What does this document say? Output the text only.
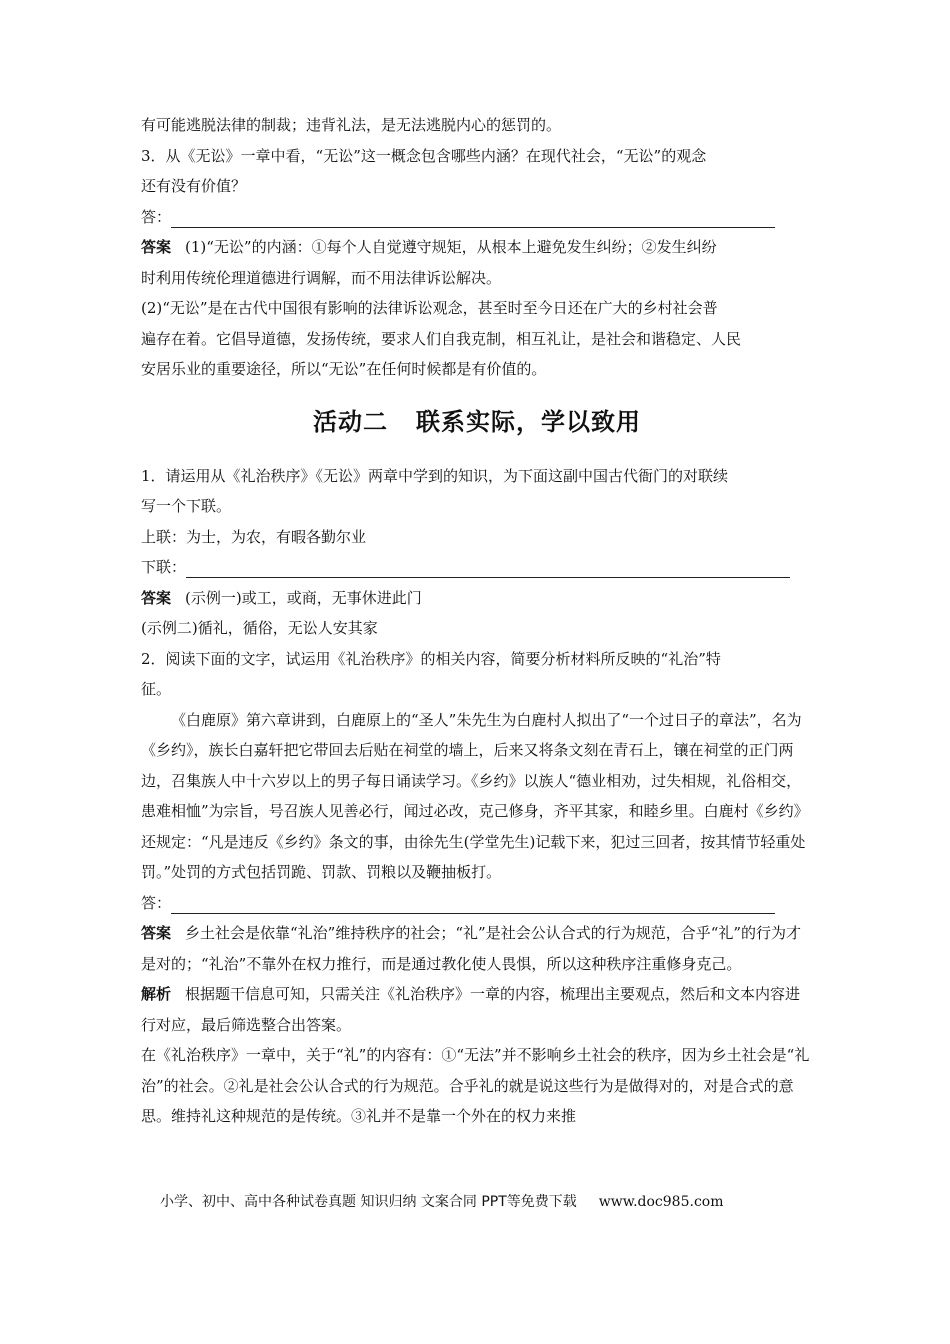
有可能逃脱法律的制裁；违背礼法，是无法逃脱内心的惩罚的。

3．从《无讼》一章中看，“无讼”这一概念包含哪些内涵？在现代社会，“无讼”的观念

还有没有价值？

答：

答案 (1)“无讼”的内涵：①每个人自觉遵守规矩，从根本上避免发生纠纷；②发生纠纷

时利用传统伦理道德进行调解，而不用法律诉讼解决。

(2)“无讼”是在古代中国很有影响的法律诉讼观念，甚至时至今日还在广大的乡村社会普

遍存在着。它倡导道德，发扬传统，要求人们自我克制，相互礼让，是社会和谐稳定、人民

安居乐业的重要途径，所以“无讼”在任何时候都是有价值的。

活动二 联系实际，学以致用

1．请运用从《礼治秩序》《无讼》两章中学到的知识，为下面这副中国古代衙门的对联续

写一个下联。

上联：为士，为农，有暇各勤尔业

下联：

答案 (示例一)或工，或商，无事休进此门

(示例二)循礼，循俗，无讼人安其家

2．阅读下面的文字，试运用《礼治秩序》的相关内容，简要分析材料所反映的“礼治”特

征。

《白鹿原》第六章讲到，白鹿原上的“圣人”朱先生为白鹿村人拟出了“一个过日子的章法”，名为《乡约》，族长白嘉轩把它带回去后贴在祠堂的墙上，后来又将条文刻在青石上，镶在祠堂的正门两边，召集族人中十六岁以上的男子每日诵读学习。《乡约》以族人“德业相劝，过失相规，礼俗相交，患难相恤”为宗旨，号召族人见善必行，闻过必改，克己修身，齐平其家，和睦乡里。白鹿村《乡约》还规定：“凡是违反《乡约》条文的事，由徐先生(学堂先生)记载下来，犯过三回者，按其情节轻重处罚。”处罚的方式包括罚跪、罚款、罚粮以及鞭抽板打。

答：

答案 乡土社会是依靠“礼治”维持秩序的社会；“礼”是社会公认合式的行为规范，合乎“礼”的行为才是对的；“礼治”不靠外在权力推行，而是通过教化使人畏惧，所以这种秩序注重修身克己。

解析 根据题干信息可知，只需关注《礼治秩序》一章的内容，梳理出主要观点，然后和文本内容进行对应，最后筛选整合出答案。

在《礼治秩序》一章中，关于“礼”的内容有：①“无法”并不影响乡土社会的秩序，因为乡土社会是“礼治”的社会。②礼是社会公认合式的行为规范。合乎礼的就是说这些行为是做得对的，对是合式的意思。维持礼这种规范的是传统。③礼并不是靠一个外在的权力来推

小学、初中、高中各种试卷真题 知识归纳 文案合同 PPT等免费下载 www.doc985.com
